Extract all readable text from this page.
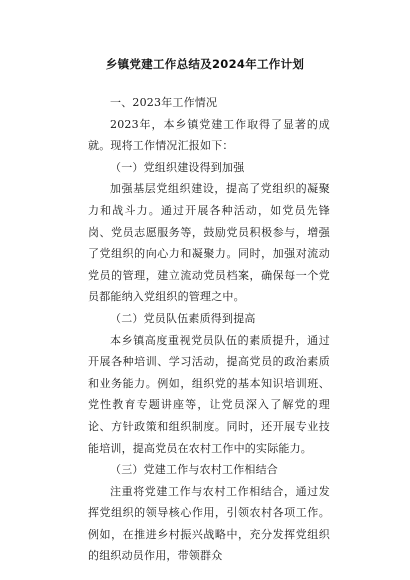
乡镇党建工作总结及2024年工作计划

一、2023年工作情况

2023年，本乡镇党建工作取得了显著的成就。现将工作情况汇报如下：

（一）党组织建设得到加强

加强基层党组织建设，提高了党组织的凝聚力和战斗力。通过开展各种活动，如党员先锋岗、党员志愿服务等，鼓励党员积极参与，增强了党组织的向心力和凝聚力。同时，加强对流动党员的管理，建立流动党员档案，确保每一个党员都能纳入党组织的管理之中。

（二）党员队伍素质得到提高

本乡镇高度重视党员队伍的素质提升，通过开展各种培训、学习活动，提高党员的政治素质和业务能力。例如，组织党的基本知识培训班、党性教育专题讲座等，让党员深入了解党的理论、方针政策和组织制度。同时，还开展专业技能培训，提高党员在农村工作中的实际能力。

（三）党建工作与农村工作相结合

注重将党建工作与农村工作相结合，通过发挥党组织的领导核心作用，引领农村各项工作。例如，在推进乡村振兴战略中，充分发挥党组织的组织动员作用，带领群众
